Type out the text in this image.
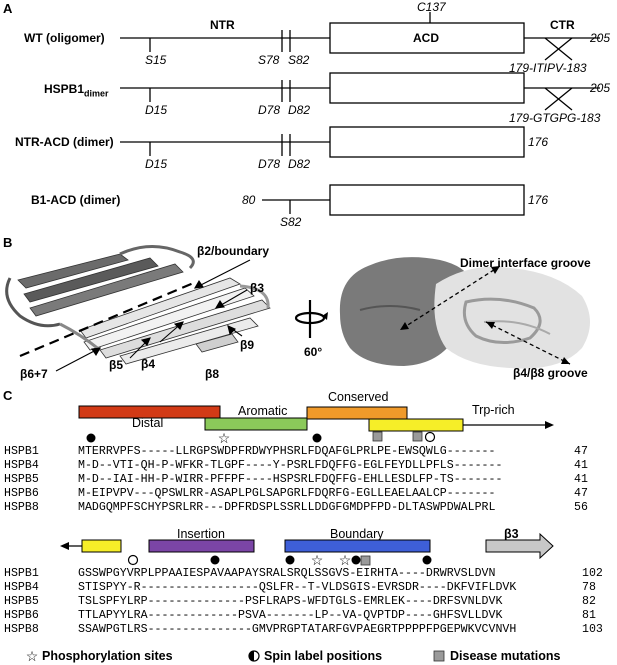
A
B
C
WT (oligomer)
NTR
ACD
CTR
C137
S15	S78 S82
205
179-ITIPV-183
$HSPB1_{dimer}$
D15	D78 D82
205
179-GTGPG-183
NTR-ACD (dimer)
D15	D78 D82
176
B1-ACD (dimer)	80
S82
176
β2/boundary
β3
β6+7
β5 β4
β8
β9	60°
Dimer interface groove
β4/β8 groove
☆
☆ ☆
☆
Distal
Aromatic
Conserved
Trp-rich
HSPB1	MTERRVPFS-----LLRGPSWDPFRDWYPHSRLFDQAFGLPRLPE-EWSQWLG-------	47
HSPB4	M-D--VTI-QH-P-WFKR-TLGPF----Y-PSRLFDQFFG-EGLFEYDLLPFLS-------	41
HSPB5	M-D--IAI-HH-P-WIRR-PFFPF----HSPSRLFDQFFG-EHLLESDLFP-TS-------	41
HSPB6	M-EIPVPV---QPSWLRR-ASAPLPGLSAPGRLFDQRFG-EGLLEAELAALCP-------	47
HSPB8	MADGQMPFSCHYPSRLRR---DPFRDSPLSSRLLDDGFGMDPFPD-DLTASWPDWALPRL	56
Insertion	Boundary	β3
HSPB1	GSSWPGYVRPLPPAAIESPAVAAPAYSRALSRQLSSGVS-EIRHTA----DRWRVSLDVN	102
HSPB4	STISPYY-R-----------------QSLFR--T-VLDSGIS-EVRSDR----DKFVIFLDVK	78
HSPB5	TSLSPFYLRP--------------PSFLRAPS-WFDTGLS-EMRLEK----DRFSVNLDVK	82
HSPB6	TTLAPYYLRA-------------PSVA-------LP--VA-QVPTDP----GHFSVLLDVK	81
HSPB8	SSAWPGTLRS---------------GMVPRGPTATARFGVPAEGRTPPPPFPGEPWKVCVNVH	103
Phosphorylation sites	Spin label positions	Disease mutations
